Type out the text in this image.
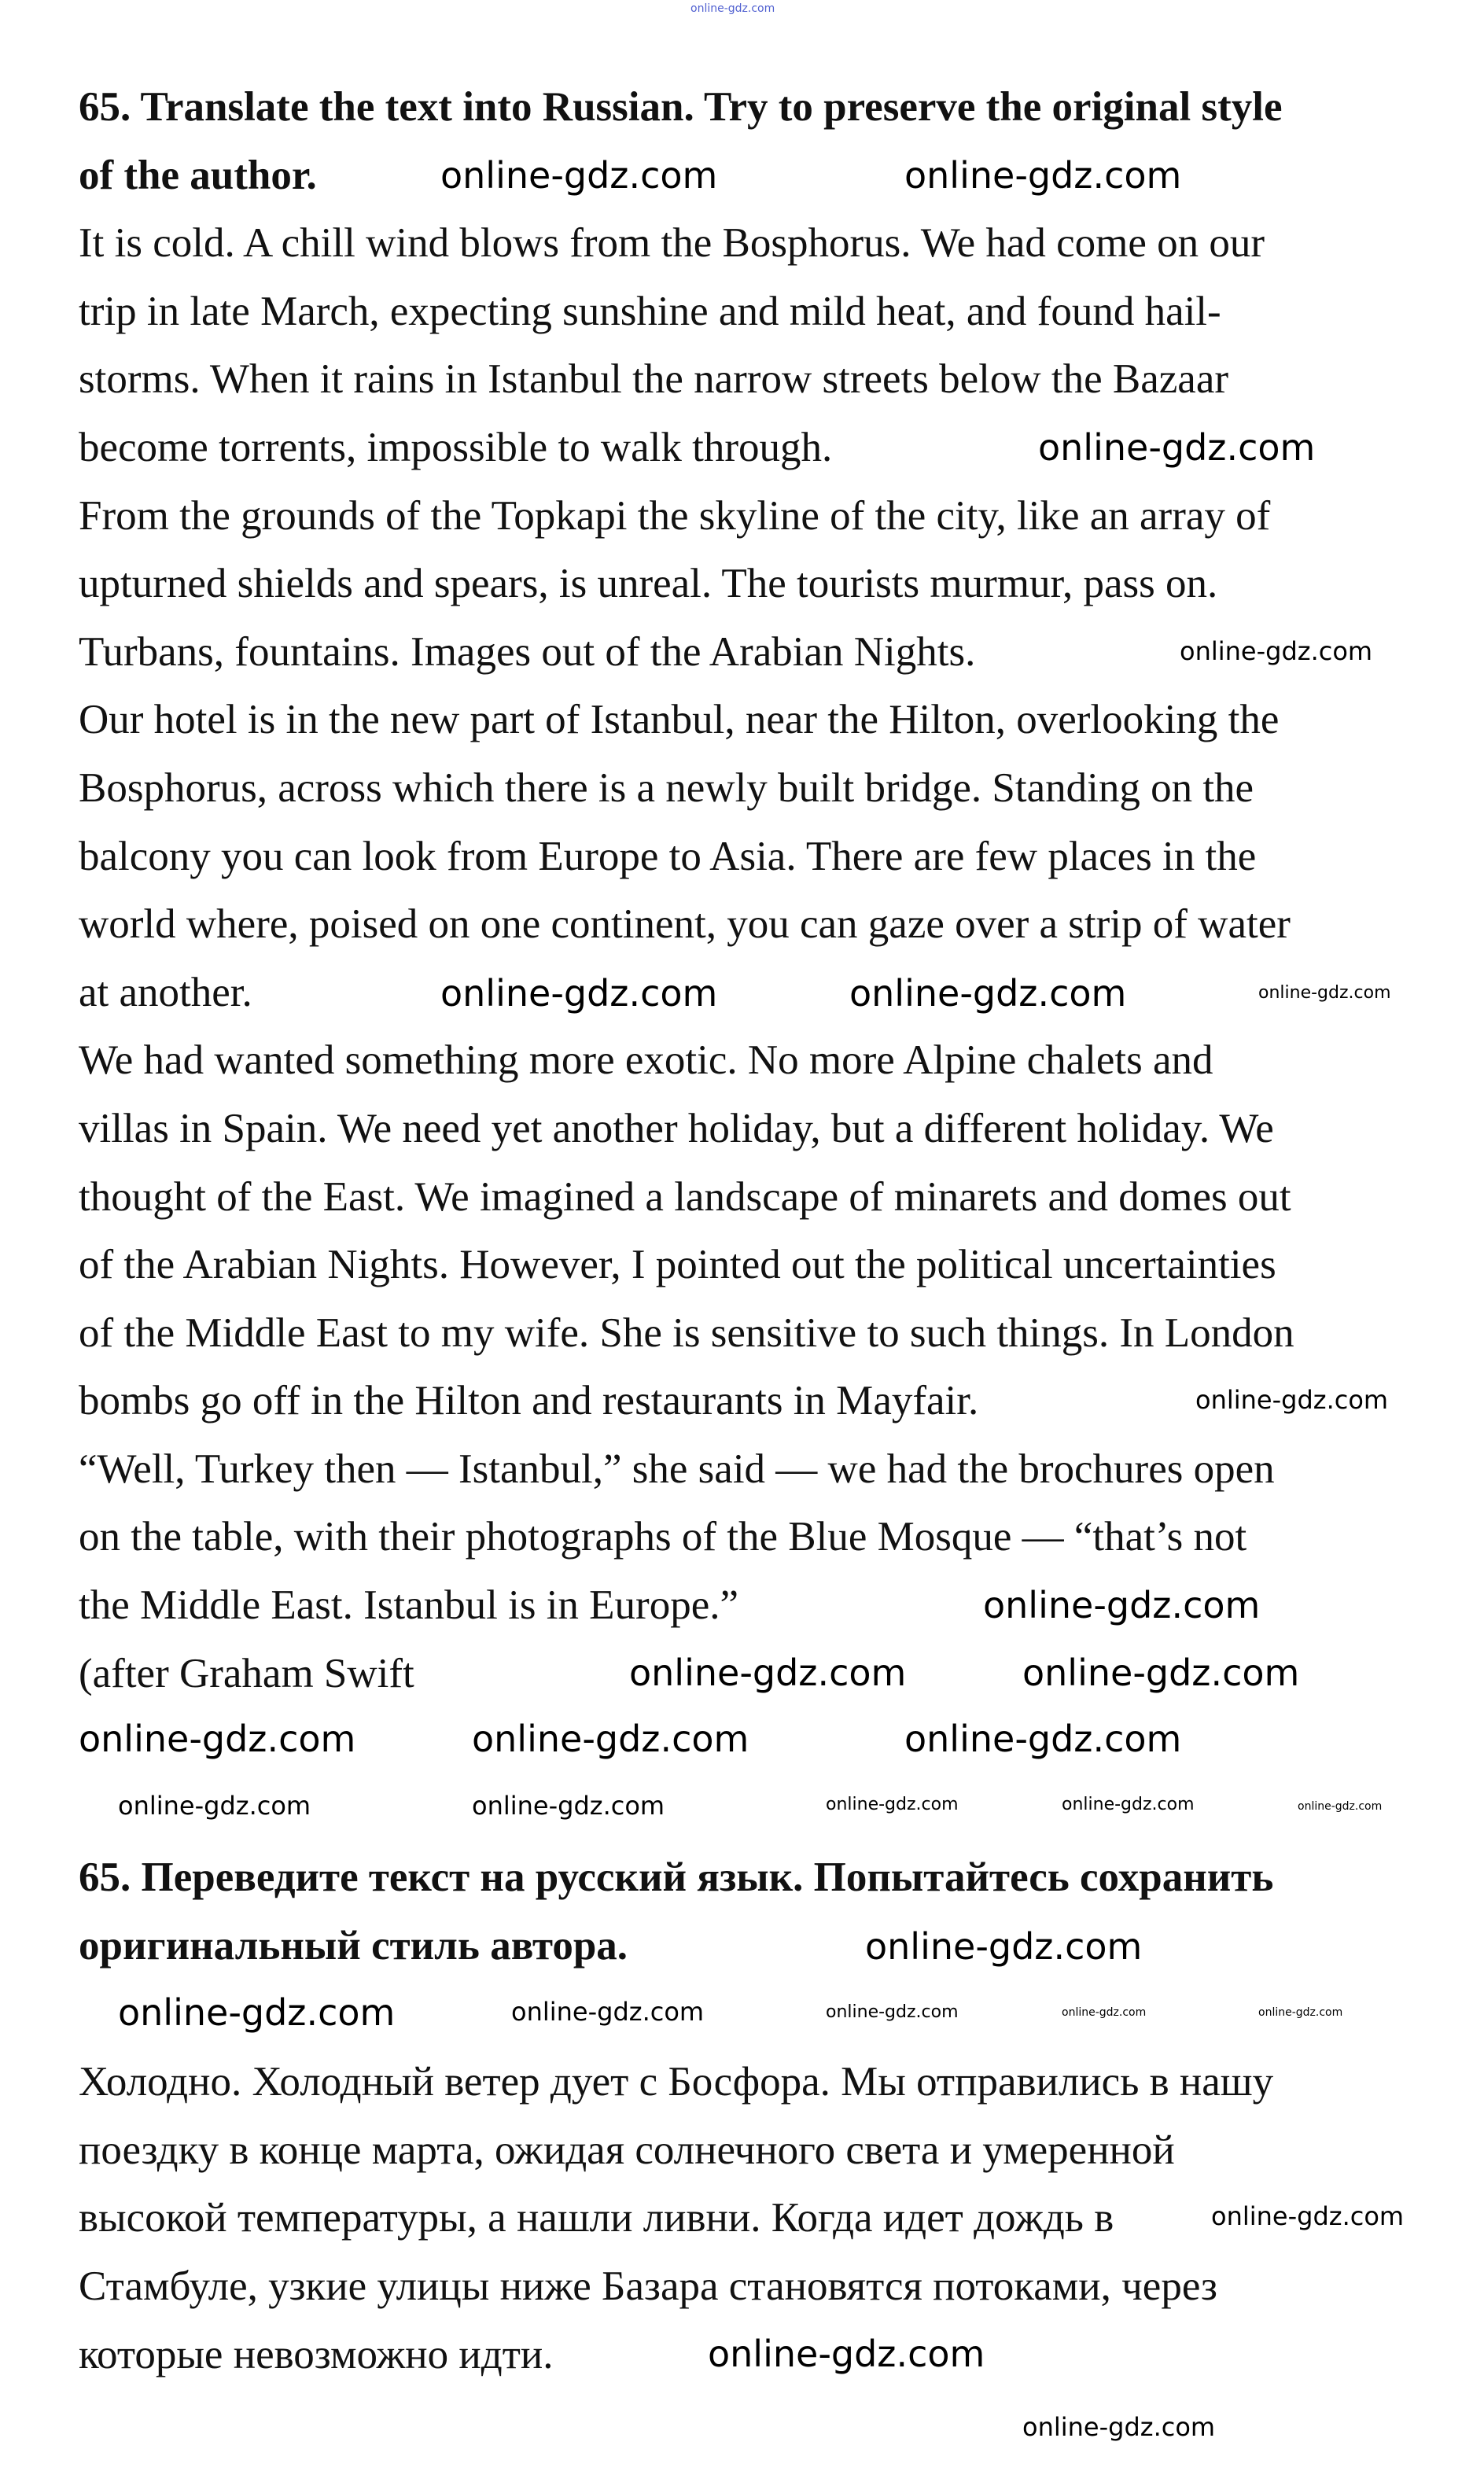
65. Translate the text into Russian. Try to preserve the original style
of the author.
It is cold. A chill wind blows from the Bosphorus. We had come on our
trip in late March, expecting sunshine and mild heat, and found hail-
storms. When it rains in Istanbul the narrow streets below the Bazaar
become torrents, impossible to walk through.
From the grounds of the Topkapi the skyline of the city, like an array of
upturned shields and spears, is unreal. The tourists murmur, pass on.
Turbans, fountains. Images out of the Arabian Nights.
Our hotel is in the new part of Istanbul, near the Hilton, overlooking the
Bosphorus, across which there is a newly built bridge. Standing on the
balcony you can look from Europe to Asia. There are few places in the
world where, poised on one continent, you can gaze over a strip of water
at another.
We had wanted something more exotic. No more Alpine chalets and
villas in Spain. We need yet another holiday, but a different holiday. We
thought of the East. We imagined a landscape of minarets and domes out
of the Arabian Nights. However, I pointed out the political uncertainties
of the Middle East to my wife. She is sensitive to such things. In London
bombs go off in the Hilton and restaurants in Mayfair.
“Well, Turkey then — Istanbul,” she said — we had the brochures open
on the table, with their photographs of the Blue Mosque — “that’s not
the Middle East. Istanbul is in Europe.”
(after Graham Swift
65. Переведите текст на русский язык. Попытайтесь сохранить
оригинальный стиль автора.
Холодно. Холодный ветер дует с Босфора. Мы отправились в нашу
поездку в конце марта, ожидая солнечного света и умеренной
высокой температуры, а нашли ливни. Когда идет дождь в
Стамбуле, узкие улицы ниже Базара становятся потоками, через
которые невозможно идти.
online-gdz.com
online-gdz.com	online-gdz.com
online-gdz.com
online-gdz.com
online-gdz.com	online-gdz.com	online-gdz.com
online-gdz.com
online-gdz.com
online-gdz.com	online-gdz.com
online-gdz.com	online-gdz.com	online-gdz.com
online-gdz.com	online-gdz.com	online-gdz.com	online-gdz.com	online-gdz.com
online-gdz.com
online-gdz.com	online-gdz.com	online-gdz.com	online-gdz.com	online-gdz.com
online-gdz.com
online-gdz.com
online-gdz.com
